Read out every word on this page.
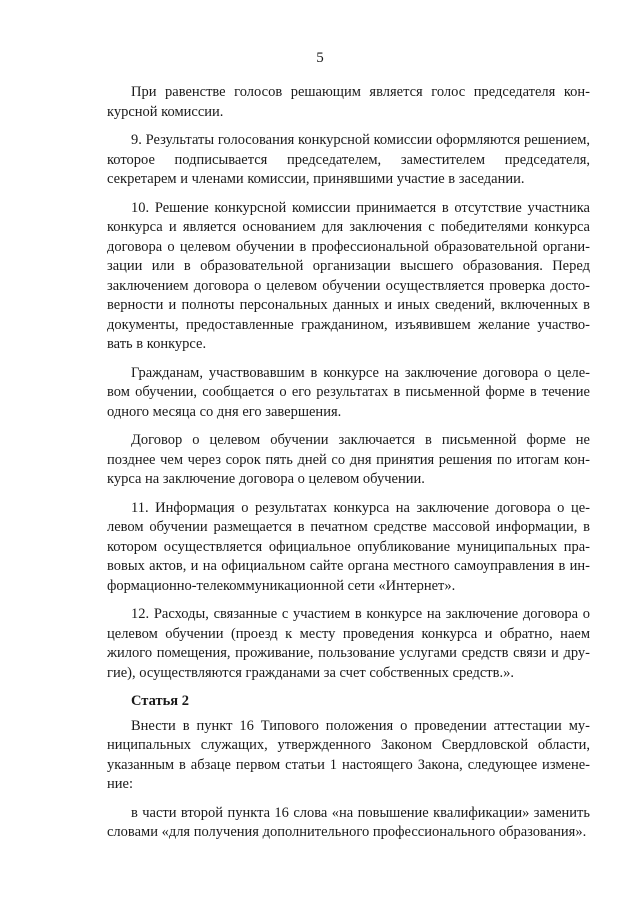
5

При равенстве голосов решающим является голос председателя конкурсной комиссии.

9. Результаты голосования конкурсной комиссии оформляются решением, которое подписывается председателем, заместителем председателя, секретарем и членами комиссии, принявшими участие в заседании.

10. Решение конкурсной комиссии принимается в отсутствие участника конкурса и является основанием для заключения с победителями конкурса договора о целевом обучении в профессиональной образовательной организации или в образовательной организации высшего образования. Перед заключением договора о целевом обучении осуществляется проверка достоверности и полноты персональных данных и иных сведений, включенных в документы, предоставленные гражданином, изъявившем желание участвовать в конкурсе.

Гражданам, участвовавшим в конкурсе на заключение договора о целевом обучении, сообщается о его результатах в письменной форме в течение одного месяца со дня его завершения.

Договор о целевом обучении заключается в письменной форме не позднее чем через сорок пять дней со дня принятия решения по итогам конкурса на заключение договора о целевом обучении.

11. Информация о результатах конкурса на заключение договора о целевом обучении размещается в печатном средстве массовой информации, в котором осуществляется официальное опубликование муниципальных правовых актов, и на официальном сайте органа местного самоуправления в информационно-телекоммуникационной сети «Интернет».

12. Расходы, связанные с участием в конкурсе на заключение договора о целевом обучении (проезд к месту проведения конкурса и обратно, наем жилого помещения, проживание, пользование услугами средств связи и другие), осуществляются гражданами за счет собственных средств.».

Статья 2

Внести в пункт 16 Типового положения о проведении аттестации муниципальных служащих, утвержденного Законом Свердловской области, указанным в абзаце первом статьи 1 настоящего Закона, следующее изменение:

в части второй пункта 16 слова «на повышение квалификации» заменить словами «для получения дополнительного профессионального образования».
